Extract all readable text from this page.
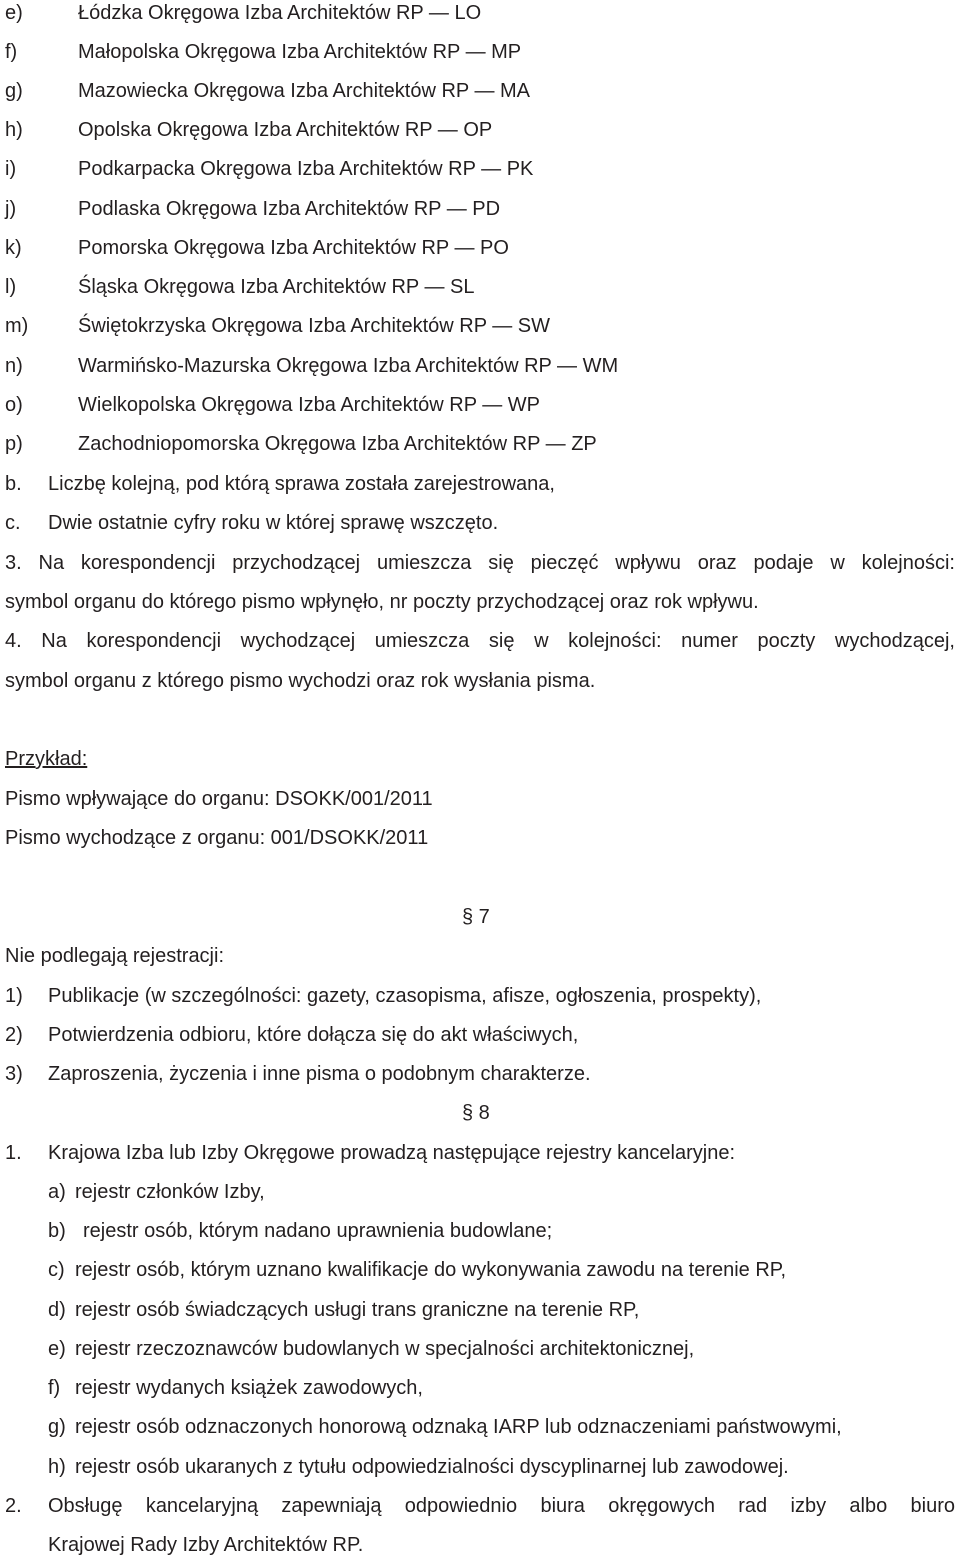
e)	Łódzka Okręgowa Izba Architektów RP — LO
f)	Małopolska Okręgowa Izba Architektów RP — MP
g)	Mazowiecka Okręgowa Izba Architektów RP — MA
h)	Opolska Okręgowa Izba Architektów RP — OP
i)	Podkarpacka Okręgowa Izba Architektów RP — PK
j)	Podlaska Okręgowa Izba Architektów RP — PD
k)	Pomorska Okręgowa Izba Architektów RP — PO
l)	Śląska Okręgowa Izba Architektów RP — SL
m) Świętokrzyska Okręgowa Izba Architektów RP — SW
n)	Warmińsko-Mazurska Okręgowa Izba Architektów RP — WM
o)	Wielkopolska Okręgowa Izba Architektów RP — WP
p)	Zachodniopomorska Okręgowa Izba Architektów RP — ZP
b. Liczbę kolejną, pod którą sprawa została zarejestrowana,
c. Dwie ostatnie cyfry roku w której sprawę wszczęto.
3. Na korespondencji przychodzącej umieszcza się pieczęć wpływu oraz podaje w kolejności:
symbol organu do którego pismo wpłynęło, nr poczty przychodzącej oraz rok wpływu.
4. Na korespondencji wychodzącej umieszcza się w kolejności: numer poczty wychodzącej,
symbol organu z którego pismo wychodzi oraz rok wysłania pisma.
Przykład:
Pismo wpływające do organu: DSOKK/001/2011
Pismo wychodzące z organu: 001/DSOKK/2011
§ 7
Nie podlegają rejestracji:
1) Publikacje (w szczególności: gazety, czasopisma, afisze, ogłoszenia, prospekty),
2) Potwierdzenia odbioru, które dołącza się do akt właściwych,
3) Zaproszenia, życzenia i inne pisma o podobnym charakterze.
§ 8
1. Krajowa Izba lub Izby Okręgowe prowadzą następujące rejestry kancelaryjne:
a) rejestr członków Izby,
b) rejestr osób, którym nadano uprawnienia budowlane;
c) rejestr osób, którym uznano kwalifikacje do wykonywania zawodu na terenie RP,
d) rejestr osób świadczących usługi trans graniczne na terenie RP,
e) rejestr rzeczoznawców budowlanych w specjalności architektonicznej,
f) rejestr wydanych książek zawodowych,
g) rejestr osób odznaczonych honorową odznaką IARP lub odznaczeniami państwowymi,
h) rejestr osób ukaranych z tytułu odpowiedzialności dyscyplinarnej lub zawodowej.
2. Obsługę kancelaryjną zapewniają odpowiednio biura okręgowych rad izby albo biuro
Krajowej Rady Izby Architektów RP.
